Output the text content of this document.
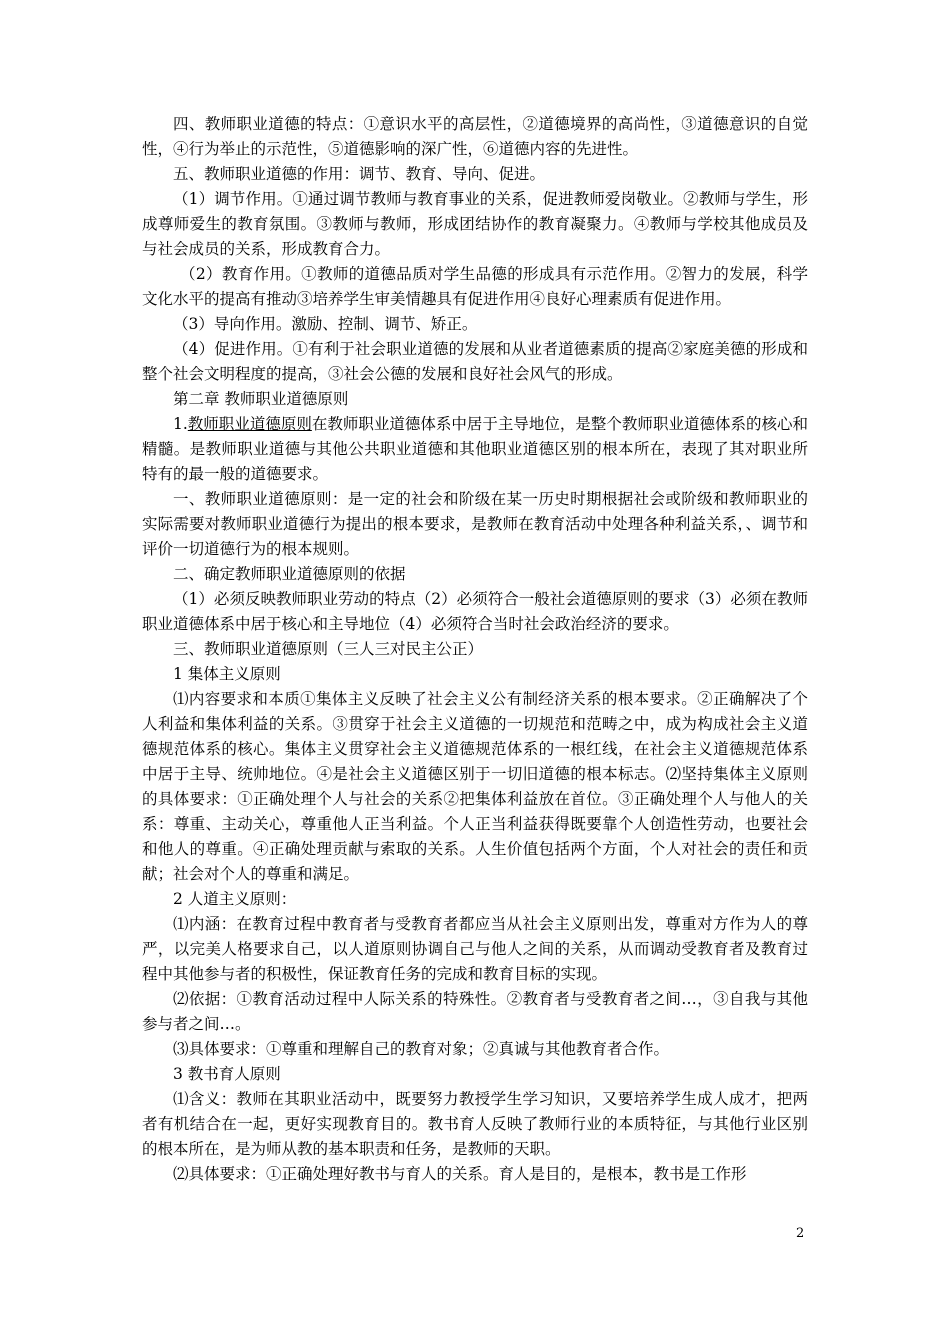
四、教师职业道德的特点：①意识水平的高层性，②道德境界的高尚性，③道德意识的自觉性，④行为举止的示范性，⑤道德影响的深广性，⑥道德内容的先进性。

五、教师职业道德的作用：调节、教育、导向、促进。

（1）调节作用。①通过调节教师与教育事业的关系，促进教师爱岗敬业。②教师与学生，形成尊师爱生的教育氛围。③教师与教师，形成团结协作的教育凝聚力。④教师与学校其他成员及与社会成员的关系，形成教育合力。

（2）教育作用。①教师的道德品质对学生品德的形成具有示范作用。②智力的发展，科学文化水平的提高有推动③培养学生审美情趣具有促进作用④良好心理素质有促进作用。

（3）导向作用。激励、控制、调节、矫正。

（4）促进作用。①有利于社会职业道德的发展和从业者道德素质的提高②家庭美德的形成和整个社会文明程度的提高，③社会公德的发展和良好社会风气的形成。

第二章 教师职业道德原则

1.教师职业道德原则在教师职业道德体系中居于主导地位，是整个教师职业道德体系的核心和精髓。是教师职业道德与其他公共职业道德和其他职业道德区别的根本所在，表现了其对职业所特有的最一般的道德要求。

一、教师职业道德原则：是一定的社会和阶级在某一历史时期根据社会或阶级和教师职业的实际需要对教师职业道德行为提出的根本要求，是教师在教育活动中处理各种利益关系，、调节和评价一切道德行为的根本规则。

二、确定教师职业道德原则的依据

（1）必须反映教师职业劳动的特点（2）必须符合一般社会道德原则的要求（3）必须在教师职业道德体系中居于核心和主导地位（4）必须符合当时社会政治经济的要求。

三、教师职业道德原则（三人三对民主公正）

1 集体主义原则

⑴内容要求和本质①集体主义反映了社会主义公有制经济关系的根本要求。②正确解决了个人利益和集体利益的关系。③贯穿于社会主义道德的一切规范和范畴之中，成为构成社会主义道德规范体系的核心。集体主义贯穿社会主义道德规范体系的一根红线，在社会主义道德规范体系中居于主导、统帅地位。④是社会主义道德区别于一切旧道德的根本标志。⑵坚持集体主义原则的具体要求：①正确处理个人与社会的关系②把集体利益放在首位。③正确处理个人与他人的关系：尊重、主动关心，尊重他人正当利益。个人正当利益获得既要靠个人创造性劳动，也要社会和他人的尊重。④正确处理贡献与索取的关系。人生价值包括两个方面，个人对社会的责任和贡献；社会对个人的尊重和满足。

2 人道主义原则：

⑴内涵：在教育过程中教育者与受教育者都应当从社会主义原则出发，尊重对方作为人的尊严，以完美人格要求自己，以人道原则协调自己与他人之间的关系，从而调动受教育者及教育过程中其他参与者的积极性，保证教育任务的完成和教育目标的实现。

⑵依据：①教育活动过程中人际关系的特殊性。②教育者与受教育者之间…，③自我与其他参与者之间…。

⑶具体要求：①尊重和理解自己的教育对象；②真诚与其他教育者合作。

3 教书育人原则

⑴含义：教师在其职业活动中，既要努力教授学生学习知识，又要培养学生成人成才，把两者有机结合在一起，更好实现教育目的。教书育人反映了教师行业的本质特征，与其他行业区别的根本所在，是为师从教的基本职责和任务，是教师的天职。

⑵具体要求：①正确处理好教书与育人的关系。育人是目的，是根本，教书是工作形

2
